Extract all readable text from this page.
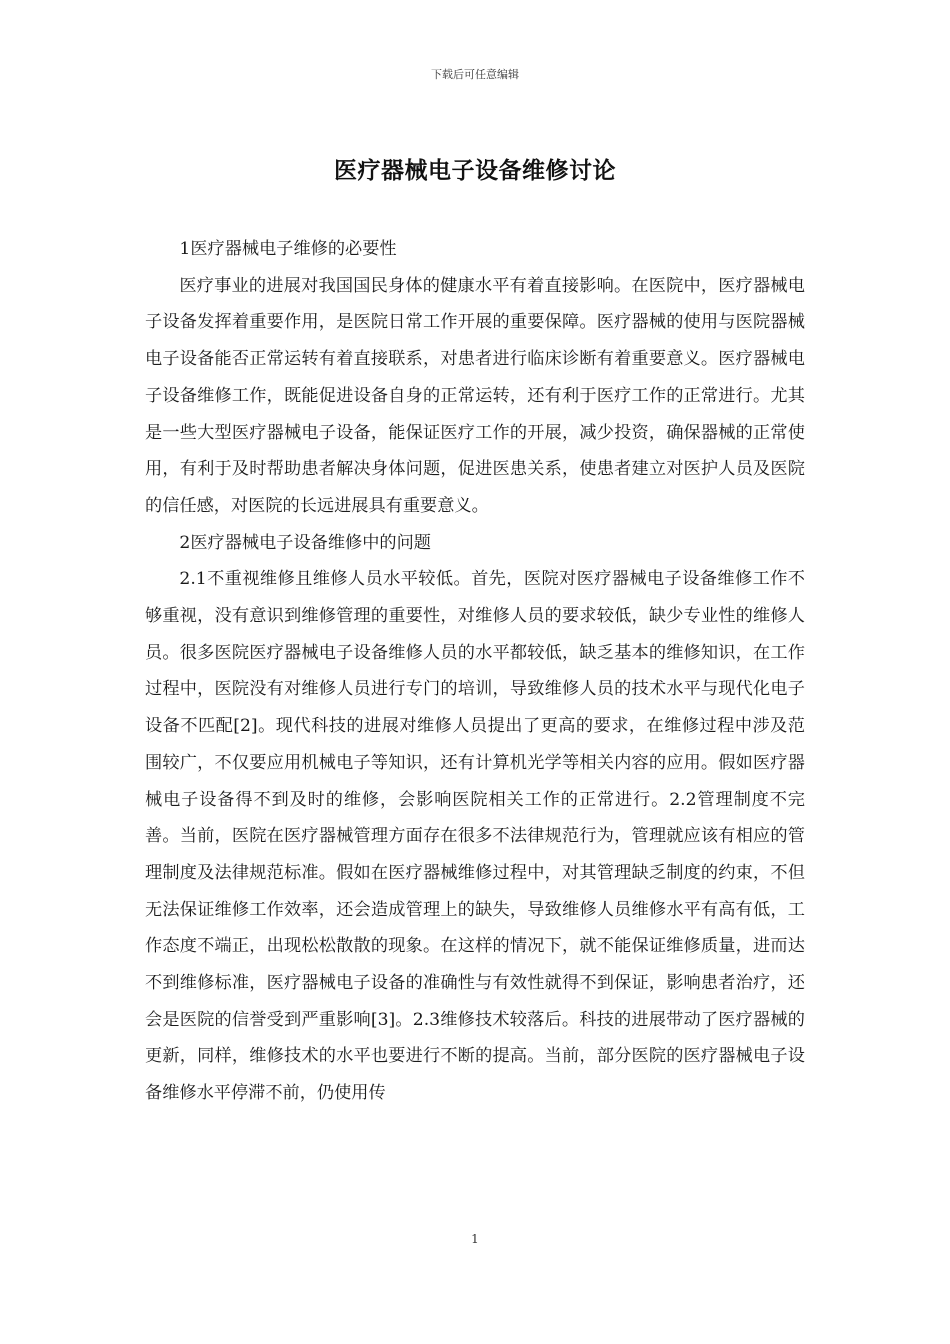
下载后可任意编辑
医疗器械电子设备维修讨论

1医疗器械电子维修的必要性

医疗事业的进展对我国国民身体的健康水平有着直接影响。在医院中，医疗器械电子设备发挥着重要作用，是医院日常工作开展的重要保障。医疗器械的使用与医院器械电子设备能否正常运转有着直接联系，对患者进行临床诊断有着重要意义。医疗器械电子设备维修工作，既能促进设备自身的正常运转，还有利于医疗工作的正常进行。尤其是一些大型医疗器械电子设备，能保证医疗工作的开展，减少投资，确保器械的正常使用，有利于及时帮助患者解决身体问题，促进医患关系，使患者建立对医护人员及医院的信任感，对医院的长远进展具有重要意义。

2医疗器械电子设备维修中的问题

2.1不重视维修且维修人员水平较低。首先，医院对医疗器械电子设备维修工作不够重视，没有意识到维修管理的重要性，对维修人员的要求较低，缺少专业性的维修人员。很多医院医疗器械电子设备维修人员的水平都较低，缺乏基本的维修知识，在工作过程中，医院没有对维修人员进行专门的培训，导致维修人员的技术水平与现代化电子设备不匹配[2]。现代科技的进展对维修人员提出了更高的要求，在维修过程中涉及范围较广，不仅要应用机械电子等知识，还有计算机光学等相关内容的应用。假如医疗器械电子设备得不到及时的维修，会影响医院相关工作的正常进行。2.2管理制度不完善。当前，医院在医疗器械管理方面存在很多不法律规范行为，管理就应该有相应的管理制度及法律规范标准。假如在医疗器械维修过程中，对其管理缺乏制度的约束，不但无法保证维修工作效率，还会造成管理上的缺失，导致维修人员维修水平有高有低，工作态度不端正，出现松松散散的现象。在这样的情况下，就不能保证维修质量，进而达不到维修标准，医疗器械电子设备的准确性与有效性就得不到保证，影响患者治疗，还会是医院的信誉受到严重影响[3]。2.3维修技术较落后。科技的进展带动了医疗器械的更新，同样，维修技术的水平也要进行不断的提高。当前，部分医院的医疗器械电子设备维修水平停滞不前，仍使用传

1
